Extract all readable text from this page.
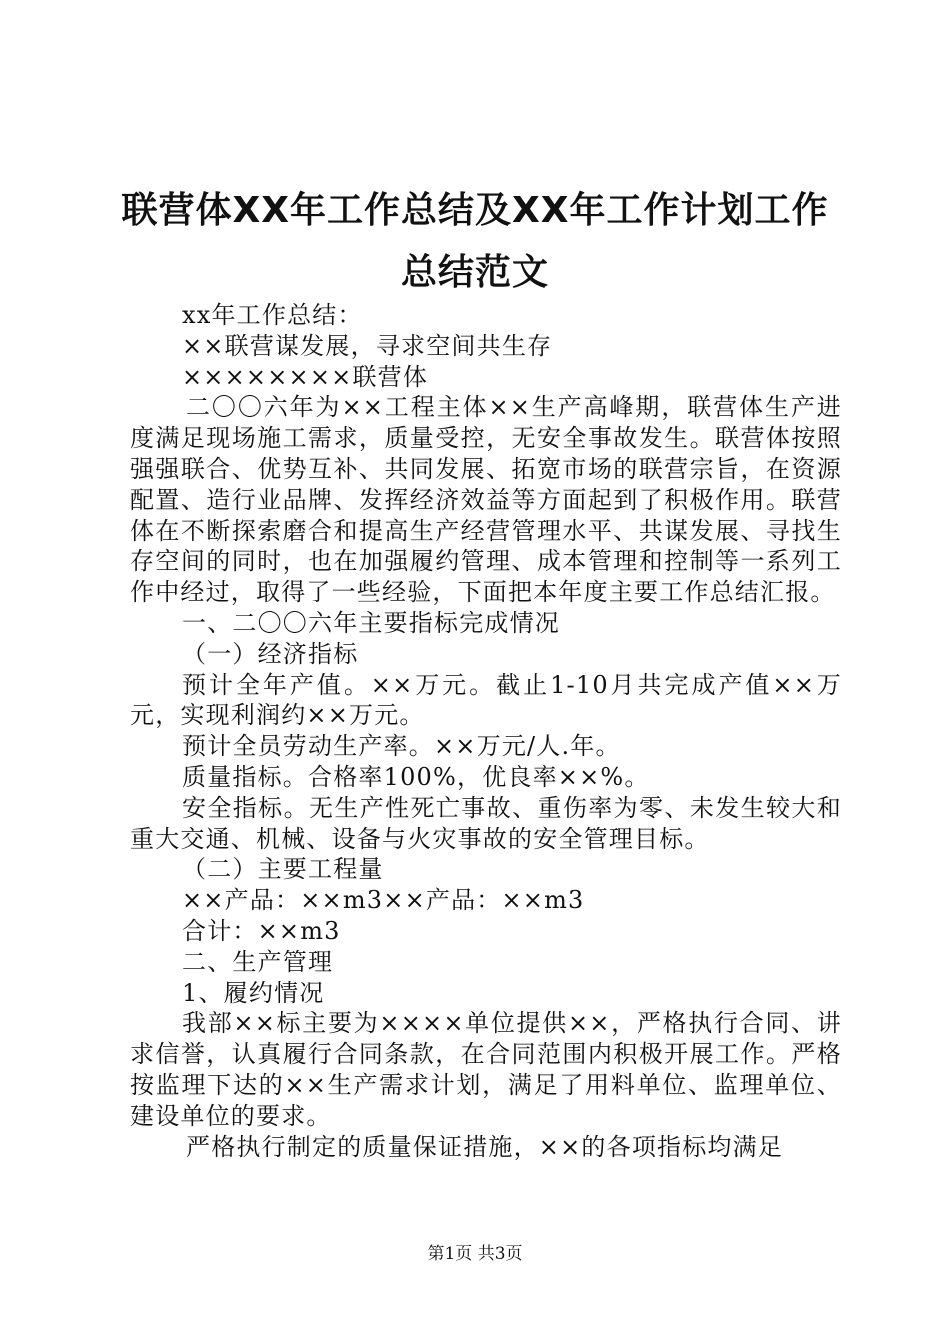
联营体XX年工作总结及XX年工作计划工作总结范文

xx年工作总结：

××联营谋发展，寻求空间共生存

××××××××联营体

二〇〇六年为××工程主体××生产高峰期，联营体生产进度满足现场施工需求，质量受控，无安全事故发生。联营体按照强强联合、优势互补、共同发展、拓宽市场的联营宗旨，在资源配置、造行业品牌、发挥经济效益等方面起到了积极作用。联营体在不断探索磨合和提高生产经营管理水平、共谋发展、寻找生存空间的同时，也在加强履约管理、成本管理和控制等一系列工作中经过，取得了一些经验，下面把本年度主要工作总结汇报。

一、二〇〇六年主要指标完成情况

（一）经济指标

预计全年产值。××万元。截止1-10月共完成产值××万元，实现利润约××万元。

预计全员劳动生产率。××万元/人.年。

质量指标。合格率100%，优良率××%。

安全指标。无生产性死亡事故、重伤率为零、未发生较大和重大交通、机械、设备与火灾事故的安全管理目标。

（二）主要工程量

××产品：××m3××产品：××m3

合计：××m3

二、生产管理

1、履约情况

我部××标主要为××××单位提供××，严格执行合同、讲求信誉，认真履行合同条款，在合同范围内积极开展工作。严格按监理下达的××生产需求计划，满足了用料单位、监理单位、建设单位的要求。

严格执行制定的质量保证措施，××的各项指标均满足

第1页 共3页
